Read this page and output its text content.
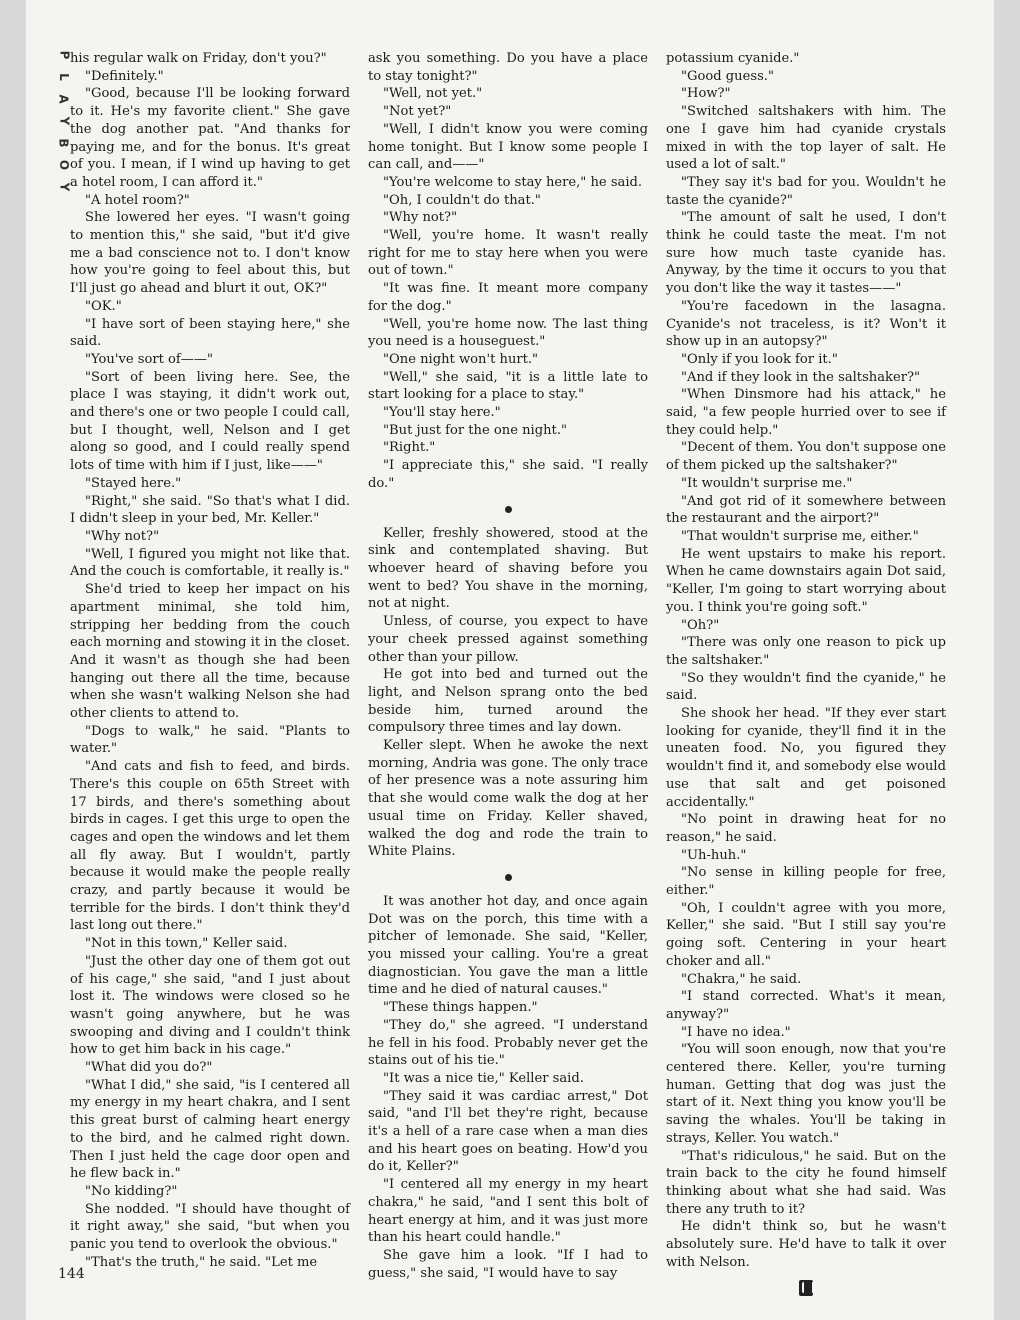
P
L
A
Y
B
O
Y

his regular walk on Friday, don't you?"

"Definitely."

"Good, because I'll be looking forward to it. He's my favorite client." She gave the dog another pat. "And thanks for paying me, and for the bonus. It's great of you. I mean, if I wind up having to get a hotel room, I can afford it."

"A hotel room?"

She lowered her eyes. "I wasn't going to mention this," she said, "but it'd give me a bad conscience not to. I don't know how you're going to feel about this, but I'll just go ahead and blurt it out, OK?"

"OK."

"I have sort of been staying here," she said.

"You've sort of——"

"Sort of been living here. See, the place I was staying, it didn't work out, and there's one or two people I could call, but I thought, well, Nelson and I get along so good, and I could really spend lots of time with him if I just, like——"

"Stayed here."

"Right," she said. "So that's what I did. I didn't sleep in your bed, Mr. Keller."

"Why not?"

"Well, I figured you might not like that. And the couch is comfortable, it really is."

She'd tried to keep her impact on his apartment minimal, she told him, stripping her bedding from the couch each morning and stowing it in the closet. And it wasn't as though she had been hanging out there all the time, because when she wasn't walking Nelson she had other clients to attend to.

"Dogs to walk," he said. "Plants to water."

"And cats and fish to feed, and birds. There's this couple on 65th Street with 17 birds, and there's something about birds in cages. I get this urge to open the cages and open the windows and let them all fly away. But I wouldn't, partly because it would make the people really crazy, and partly because it would be terrible for the birds. I don't think they'd last long out there."

"Not in this town," Keller said.

"Just the other day one of them got out of his cage," she said, "and I just about lost it. The windows were closed so he wasn't going anywhere, but he was swooping and diving and I couldn't think how to get him back in his cage."

"What did you do?"

"What I did," she said, "is I centered all my energy in my heart chakra, and I sent this great burst of calming heart energy to the bird, and he calmed right down. Then I just held the cage door open and he flew back in."

"No kidding?"

She nodded. "I should have thought of it right away," she said, "but when you panic you tend to overlook the obvious."

"That's the truth," he said. "Let me

ask you something. Do you have a place to stay tonight?"

"Well, not yet."

"Not yet?"

"Well, I didn't know you were coming home tonight. But I know some people I can call, and——"

"You're welcome to stay here," he said.

"Oh, I couldn't do that."

"Why not?"

"Well, you're home. It wasn't really right for me to stay here when you were out of town."

"It was fine. It meant more company for the dog."

"Well, you're home now. The last thing you need is a houseguest."

"One night won't hurt."

"Well," she said, "it is a little late to start looking for a place to stay."

"You'll stay here."

"But just for the one night."

"Right."

"I appreciate this," she said. "I really do."

Keller, freshly showered, stood at the sink and contemplated shaving. But whoever heard of shaving before you went to bed? You shave in the morning, not at night.

Unless, of course, you expect to have your cheek pressed against something other than your pillow.

He got into bed and turned out the light, and Nelson sprang onto the bed beside him, turned around the compulsory three times and lay down.

Keller slept. When he awoke the next morning, Andria was gone. The only trace of her presence was a note assuring him that she would come walk the dog at her usual time on Friday. Keller shaved, walked the dog and rode the train to White Plains.

It was another hot day, and once again Dot was on the porch, this time with a pitcher of lemonade. She said, "Keller, you missed your calling. You're a great diagnostician. You gave the man a little time and he died of natural causes."

"These things happen."

"They do," she agreed. "I understand he fell in his food. Probably never get the stains out of his tie."

"It was a nice tie," Keller said.

"They said it was cardiac arrest," Dot said, "and I'll bet they're right, because it's a hell of a rare case when a man dies and his heart goes on beating. How'd you do it, Keller?"

"I centered all my energy in my heart chakra," he said, "and I sent this bolt of heart energy at him, and it was just more than his heart could handle."

She gave him a look. "If I had to guess," she said, "I would have to say

potassium cyanide."

"Good guess."

"How?"

"Switched saltshakers with him. The one I gave him had cyanide crystals mixed in with the top layer of salt. He used a lot of salt."

"They say it's bad for you. Wouldn't he taste the cyanide?"

"The amount of salt he used, I don't think he could taste the meat. I'm not sure how much taste cyanide has. Anyway, by the time it occurs to you that you don't like the way it tastes——"

"You're facedown in the lasagna. Cyanide's not traceless, is it? Won't it show up in an autopsy?"

"Only if you look for it."

"And if they look in the saltshaker?"

"When Dinsmore had his attack," he said, "a few people hurried over to see if they could help."

"Decent of them. You don't suppose one of them picked up the saltshaker?"

"It wouldn't surprise me."

"And got rid of it somewhere between the restaurant and the airport?"

"That wouldn't surprise me, either."

He went upstairs to make his report. When he came downstairs again Dot said, "Keller, I'm going to start worrying about you. I think you're going soft."

"Oh?"

"There was only one reason to pick up the saltshaker."

"So they wouldn't find the cyanide," he said.

She shook her head. "If they ever start looking for cyanide, they'll find it in the uneaten food. No, you figured they wouldn't find it, and somebody else would use that salt and get poisoned accidentally."

"No point in drawing heat for no reason," he said.

"Uh-huh."

"No sense in killing people for free, either."

"Oh, I couldn't agree with you more, Keller," she said. "But I still say you're going soft. Centering in your heart choker and all."

"Chakra," he said.

"I stand corrected. What's it mean, anyway?"

"I have no idea."

"You will soon enough, now that you're centered there. Keller, you're turning human. Getting that dog was just the start of it. Next thing you know you'll be saving the whales. You'll be taking in strays, Keller. You watch."

"That's ridiculous," he said. But on the train back to the city he found himself thinking about what she had said. Was there any truth to it?

He didn't think so, but he wasn't absolutely sure. He'd have to talk it over with Nelson.

144
